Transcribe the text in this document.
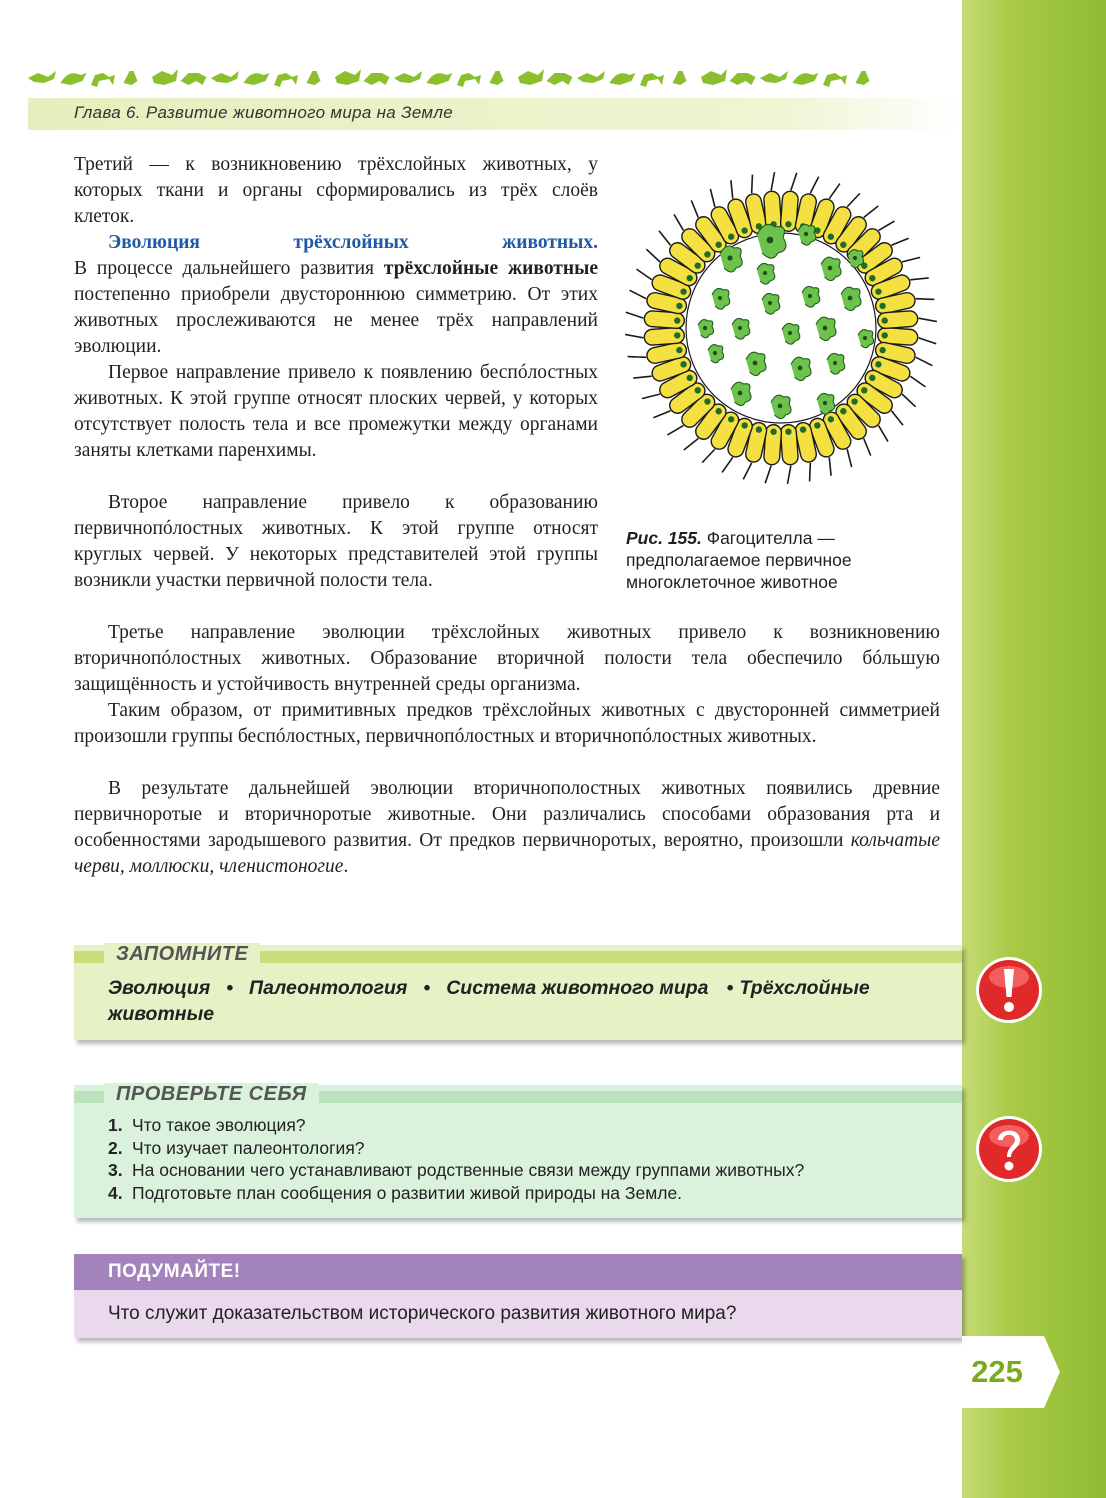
Глава 6. Развитие животного мира на Земле

Третий — к возникновению трёхслойных животных, у которых ткани и органы сформировались из трёх слоёв клеток.

Эволюция трёхслойных животных.

В процессе дальнейшего развития трёхслойные животные постепенно приобрели двустороннюю симметрию. От этих животных прослеживаются не менее трёх направлений эволюции.

Первое направление привело к появлению беспóлостных животных. К этой группе относят плоских червей, у которых отсутствует полость тела и все промежутки между органами заняты клетками паренхимы.

Второе направление привело к образованию первичнопóлостных животных. К этой группе относят круглых червей. У некоторых представителей этой группы возникли участки первичной полости тела.

Третье направление эволюции трёхслойных животных привело к возникновению вторичнопóлостных животных. Образование вторичной полости тела обеспечило бóльшую защищённость и устойчивость внутренней среды организма.

Таким образом, от примитивных предков трёхслойных животных с двусторонней симметрией произошли группы беспóлостных, первичнопóлостных и вторичнопóлостных животных.

В результате дальнейшей эволюции вторичнополостных животных появились древние первичноротые и вторичноротые животные. Они различались способами образования рта и особенностями зародышевого развития. От предков первичноротых, вероятно, произошли кольчатые черви, моллюски, членистоногие.

Рис. 155. Фагоцителла — предполагаемое первичное многоклеточное животное
ЗАПОМНИТЕ
Эволюция • Палеонтология • Система животного мира • Трёхслойные животные
ПРОВЕРЬТЕ СЕБЯ
1. Что такое эволюция?
2. Что изучает палеонтология?
3. На основании чего устанавливают родственные связи между группами животных?
4. Подготовьте план сообщения о развитии живой природы на Земле.
ПОДУМАЙТЕ!
Что служит доказательством исторического развития животного мира?
225
